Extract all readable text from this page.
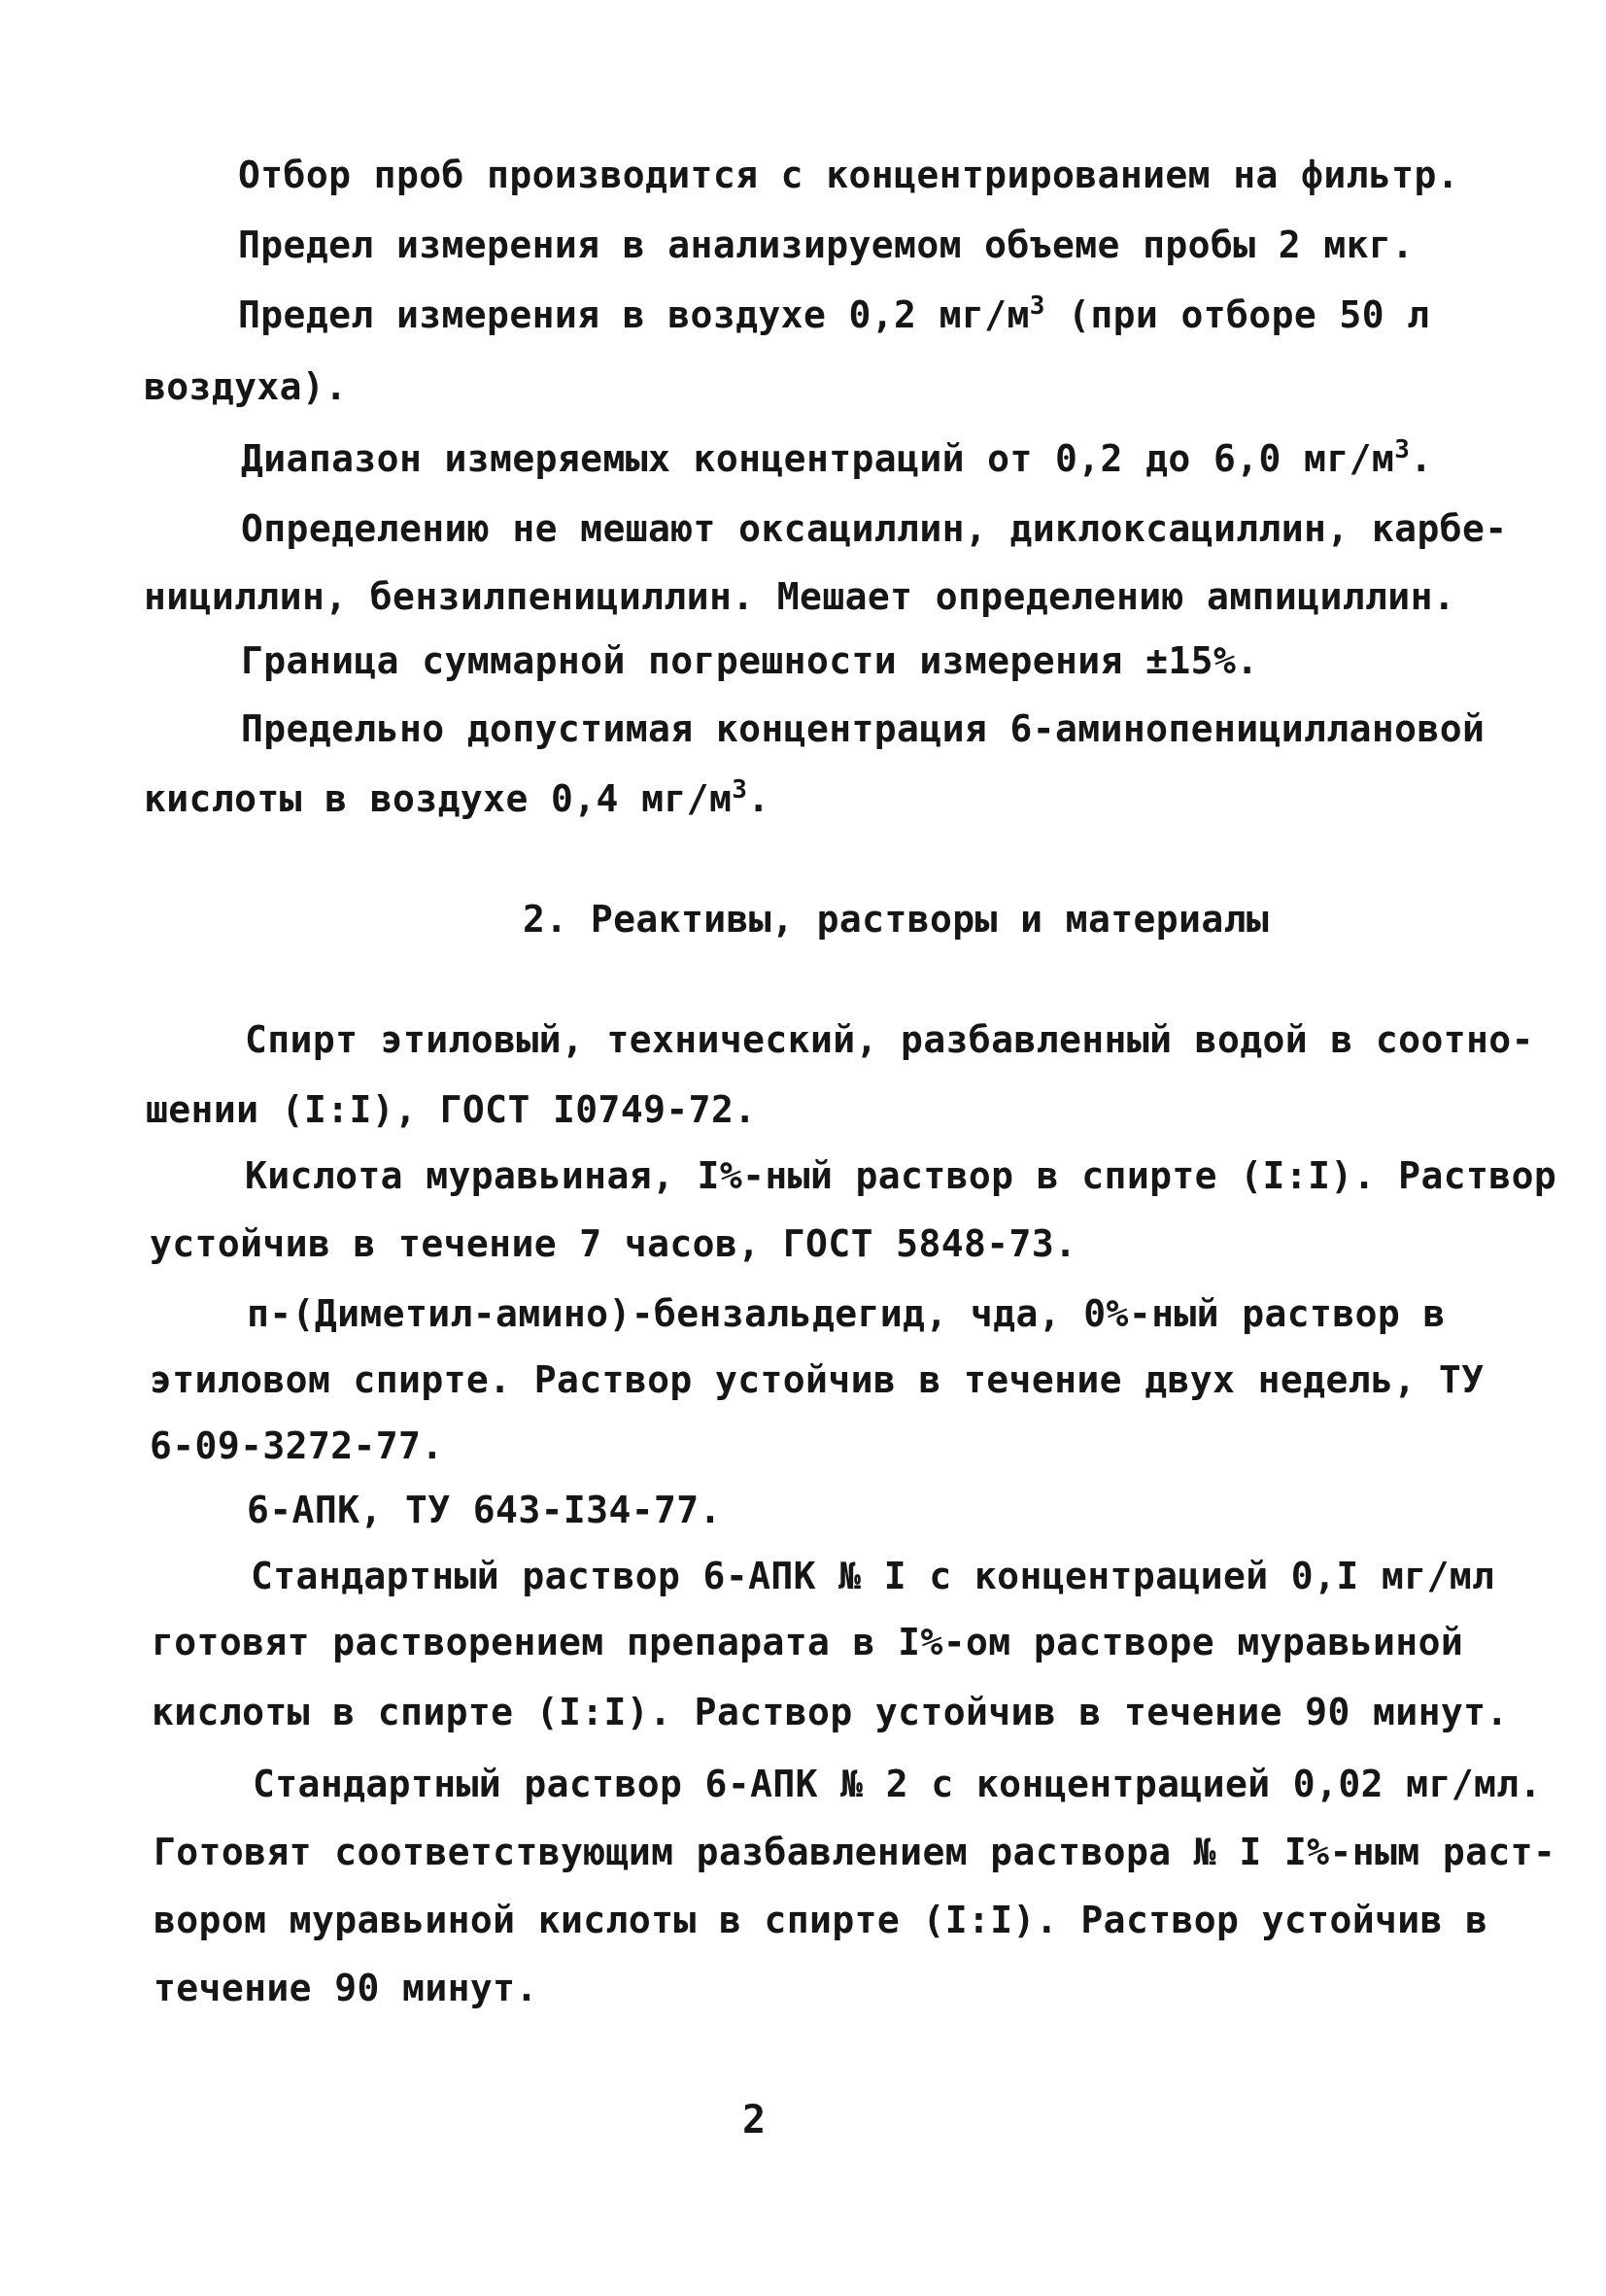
Отбор проб производится с концентрированием на фильтр.
Предел измерения в анализируемом объеме пробы 2 мкг.
Предел измерения в воздухе 0,2 $мг/м^3$ (при отборе 50 л
воздуха).
Диапазон измеряемых концентраций от 0,2 до 6,0 $мг/м^3$.
Определению не мешают оксациллин, диклоксациллин, карбе-
нициллин, бензилпенициллин. Мешает определению ампициллин.
Граница суммарной погрешности измерения ±15%.
Предельно допустимая концентрация 6-аминопенициллановой
кислоты в воздухе 0,4 $мг/м^3$.
2. Реактивы, растворы и материалы
Спирт этиловый, технический, разбавленный водой в соотно-
шении (I:I), ГОСТ I0749-72.
Кислота муравьиная, I%-ный раствор в спирте (I:I). Раствор
устойчив в течение 7 часов, ГОСТ 5848-73.
п-(Диметил-амино)-бензальдегид, чда, 0%-ный раствор в
этиловом спирте. Раствор устойчив в течение двух недель, ТУ
6-09-3272-77.
6-АПК, ТУ 643-I34-77.
Стандартный раствор 6-АПК № I с концентрацией 0,I мг/мл
готовят растворением препарата в I%-ом растворе муравьиной
кислоты в спирте (I:I). Раствор устойчив в течение 90 минут.
Стандартный раствор 6-АПК № 2 с концентрацией 0,02 мг/мл.
Готовят соответствующим разбавлением раствора № I I%-ным раст-
вором муравьиной кислоты в спирте (I:I). Раствор устойчив в
течение 90 минут.
2
